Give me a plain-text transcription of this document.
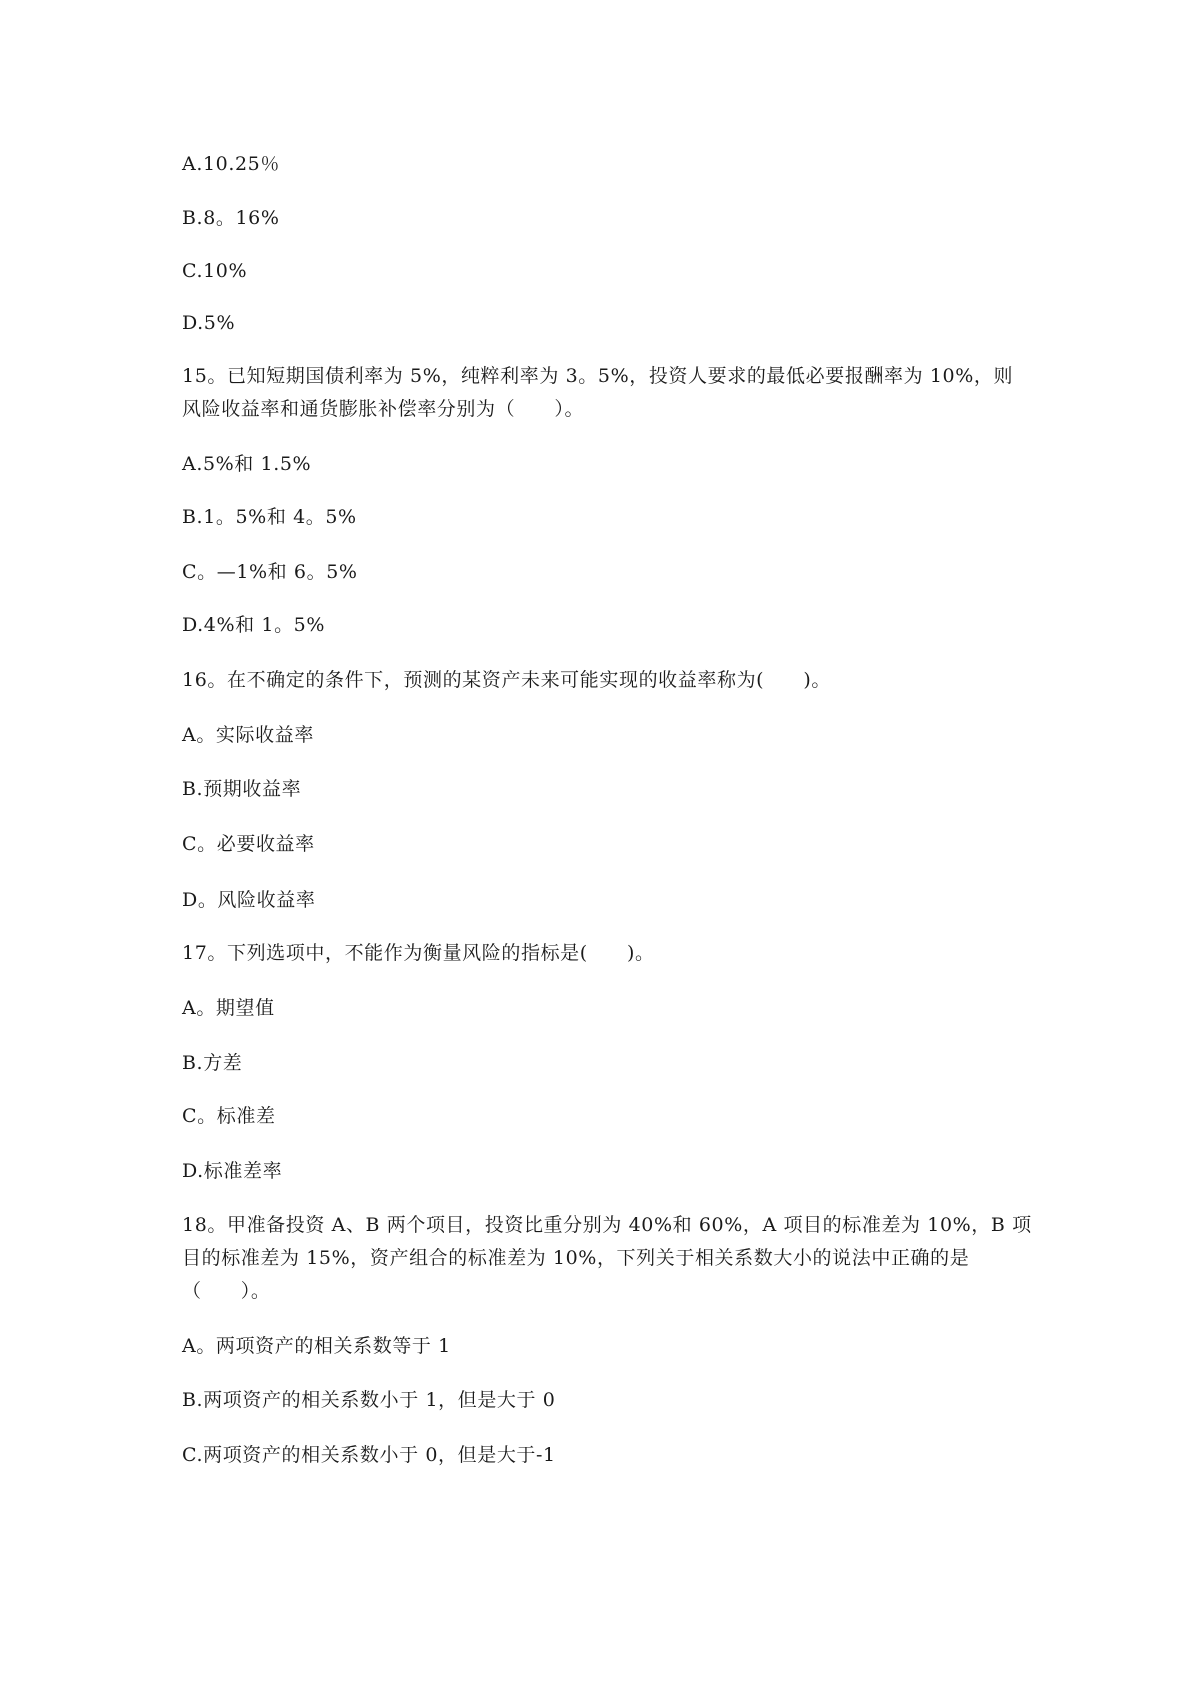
A.10.25％
B.8。16%
C.10%
D.5%
15。已知短期国债利率为 5%，纯粹利率为 3。5%，投资人要求的最低必要报酬率为 10%，则
风险收益率和通货膨胀补偿率分别为（　　）。
A.5%和 1.5%
B.1。5%和 4。5%
C。—1%和 6。5%
D.4%和 1。5%
16。在不确定的条件下，预测的某资产未来可能实现的收益率称为(　　)。
A。实际收益率
B.预期收益率
C。必要收益率
D。风险收益率
17。下列选项中，不能作为衡量风险的指标是(　　)。
A。期望值
B.方差
C。标准差
D.标准差率
18。甲准备投资 A、B 两个项目，投资比重分别为 40%和 60%，A 项目的标准差为 10%，B 项
目的标准差为 15%，资产组合的标准差为 10%，下列关于相关系数大小的说法中正确的是
（　　）。
A。两项资产的相关系数等于 1
B.两项资产的相关系数小于 1，但是大于 0
C.两项资产的相关系数小于 0，但是大于-1
